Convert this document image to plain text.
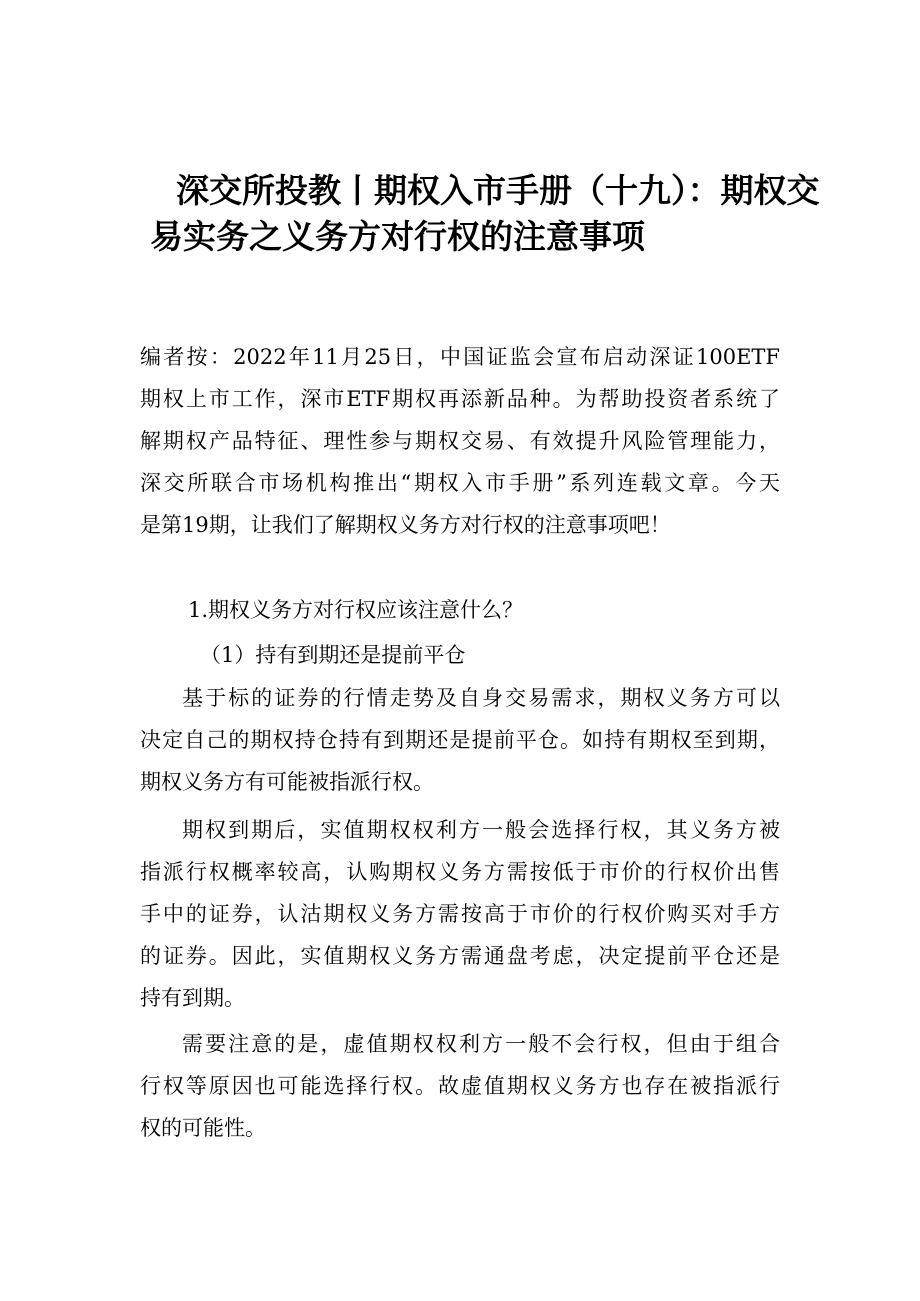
深交所投教丨期权入市手册（十九）：期权交
易实务之义务方对行权的注意事项
编者按：2022年11月25日，中国证监会宣布启动深证100ETF
期权上市工作，深市ETF期权再添新品种。为帮助投资者系统了
解期权产品特征、理性参与期权交易、有效提升风险管理能力，
深交所联合市场机构推出“期权入市手册”系列连载文章。今天
是第19期，让我们了解期权义务方对行权的注意事项吧！
1.期权义务方对行权应该注意什么？
（1）持有到期还是提前平仓
基于标的证券的行情走势及自身交易需求，期权义务方可以
决定自己的期权持仓持有到期还是提前平仓。如持有期权至到期，
期权义务方有可能被指派行权。
期权到期后，实值期权权利方一般会选择行权，其义务方被
指派行权概率较高，认购期权义务方需按低于市价的行权价出售
手中的证券，认沽期权义务方需按高于市价的行权价购买对手方
的证券。因此，实值期权义务方需通盘考虑，决定提前平仓还是
持有到期。
需要注意的是，虚值期权权利方一般不会行权，但由于组合
行权等原因也可能选择行权。故虚值期权义务方也存在被指派行
权的可能性。
